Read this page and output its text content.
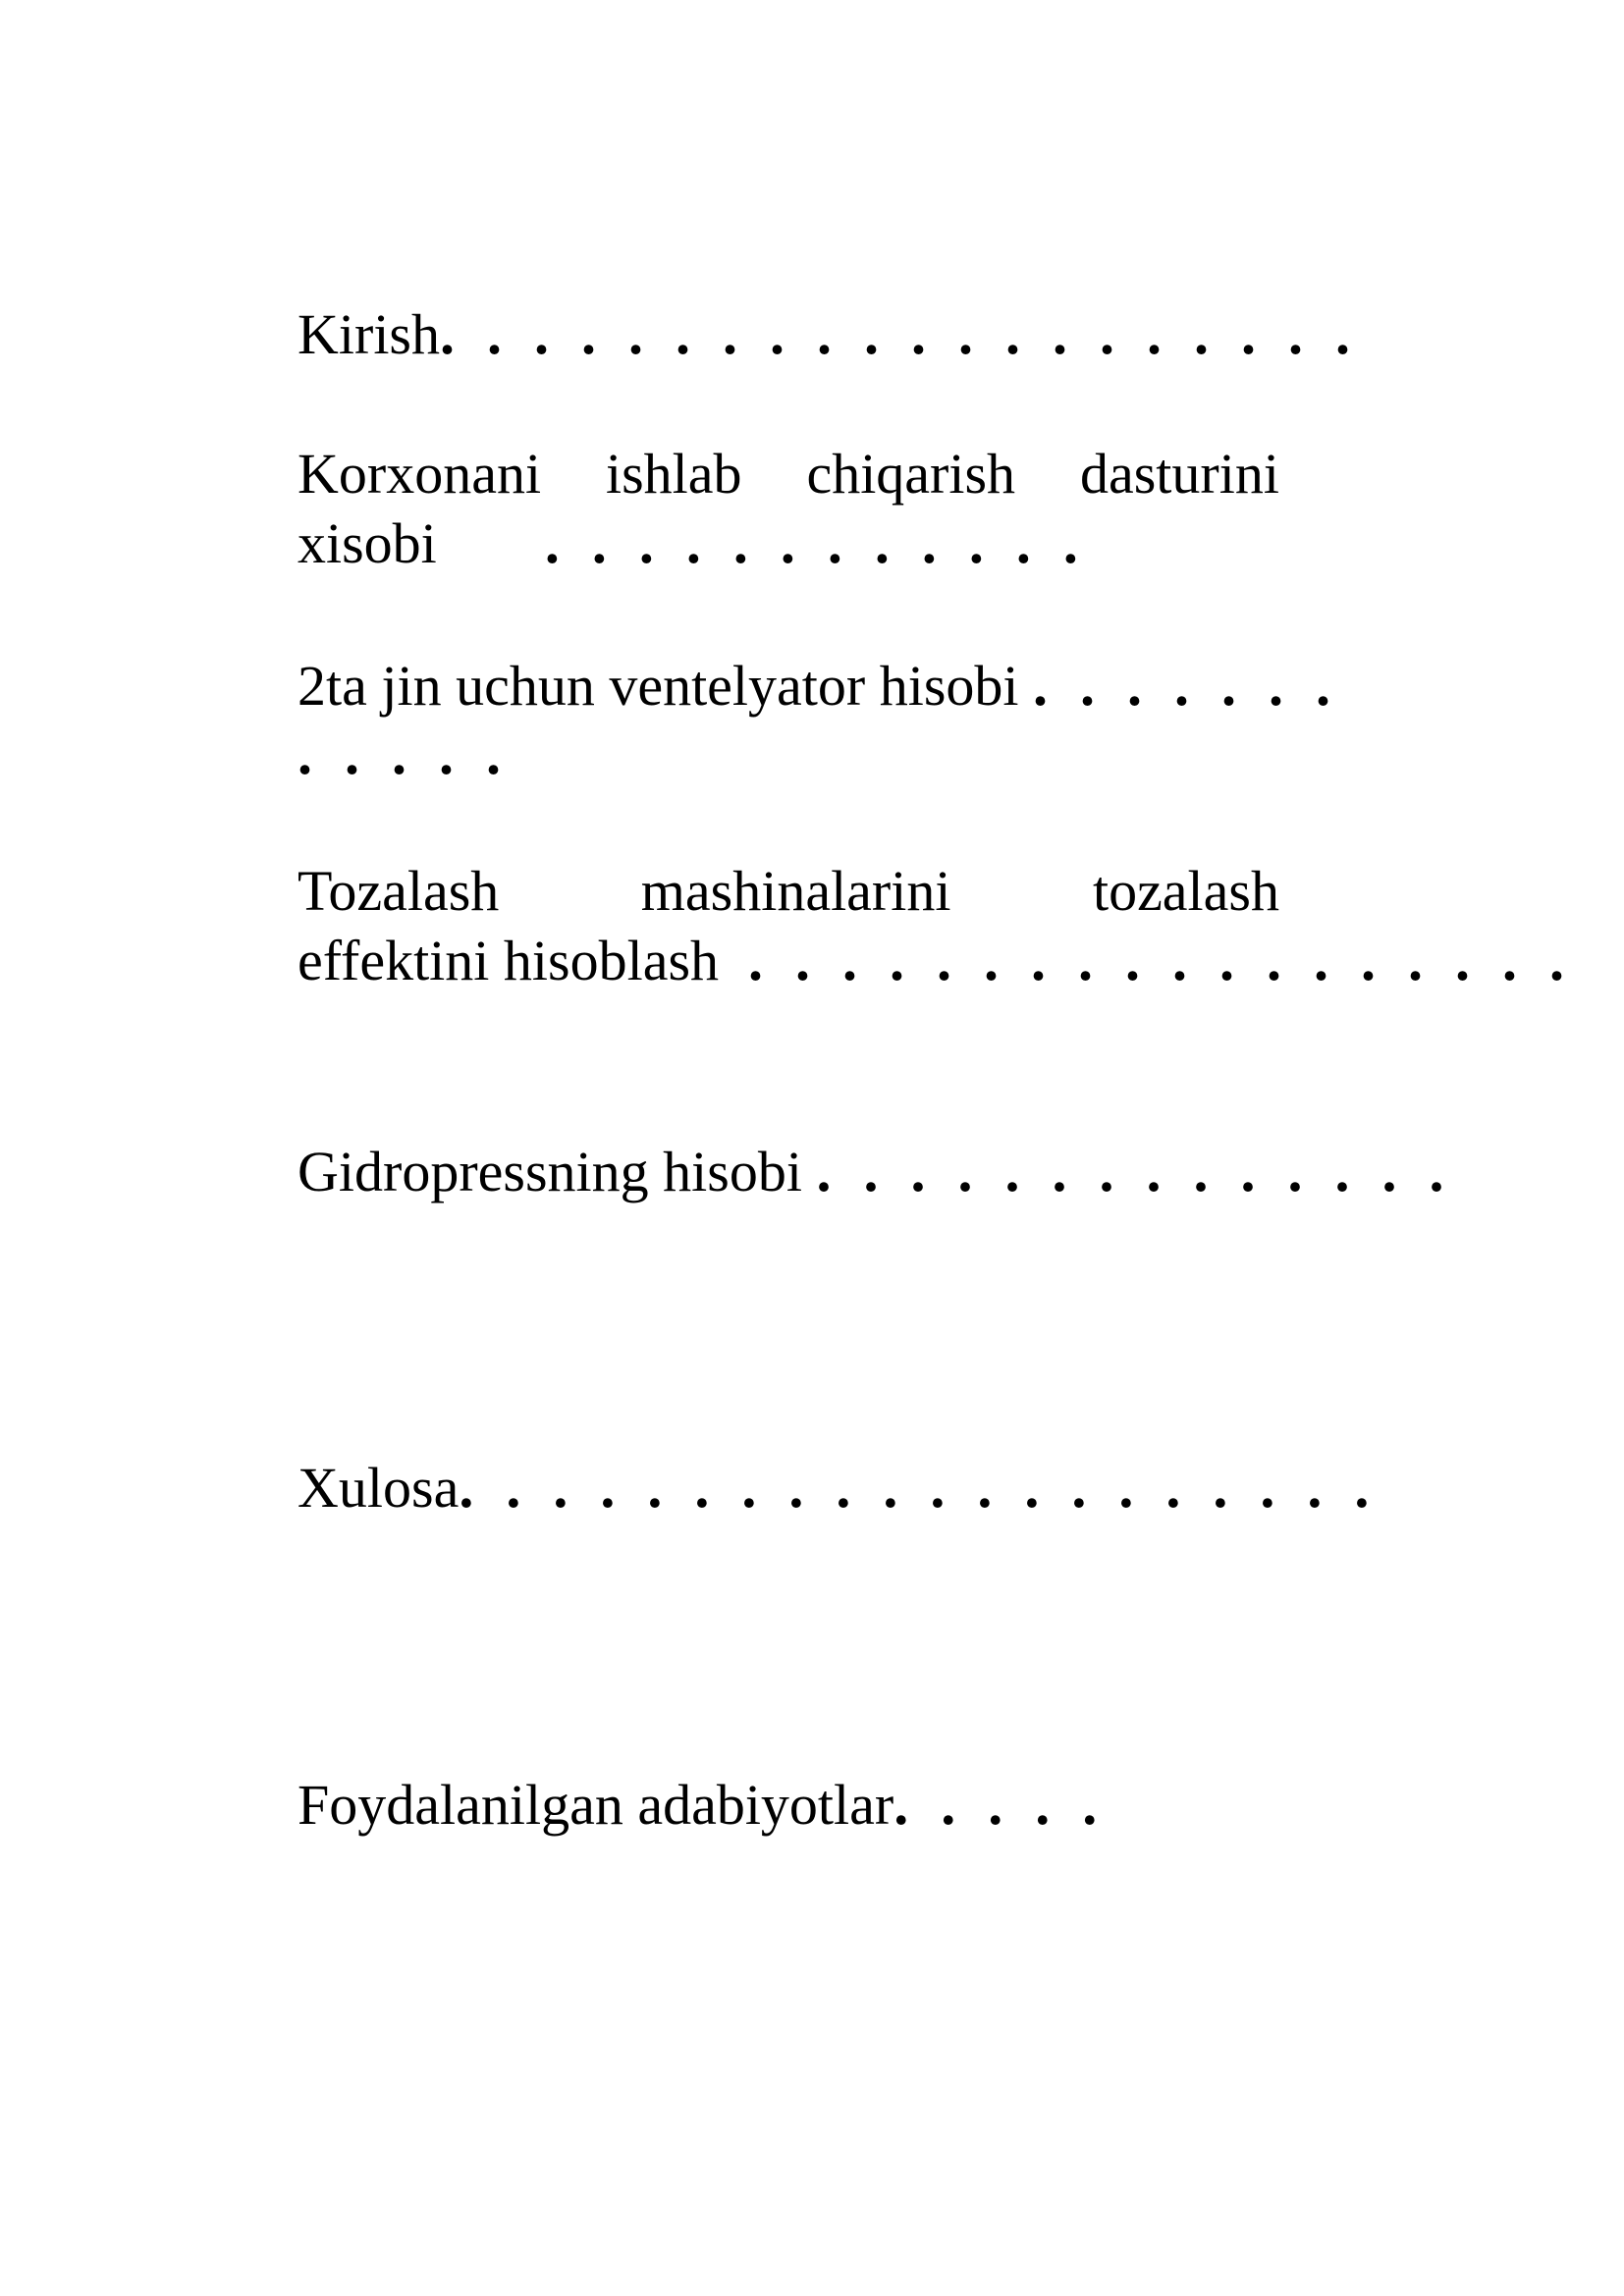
Kirish. . . . . . . . . . . . . . . . . . . .
Korxonani ishlab chiqarish dasturini
xisobi . . . . . . . . . . . .
2ta jin uchun ventelyator hisobi . . . . . . .
. . . . .
Tozalash mashinalarini tozalash
effektini hisoblash . . . . . . . . . . . . . . . . . .
Gidropressning hisobi . . . . . . . . . . . . . .
Xulosa. . . . . . . . . . . . . . . . . . . .
Foydalanilgan adabiyotlar. . . . .
